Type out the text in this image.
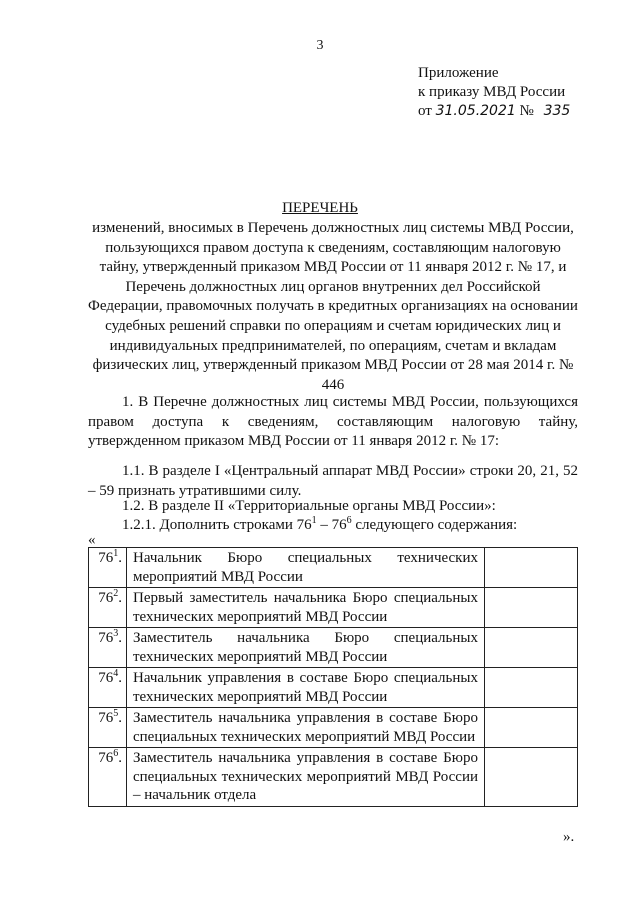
3
Приложение
к приказу МВД России
от 31.05.2021 № 335
ПЕРЕЧЕНЬ
изменений, вносимых в Перечень должностных лиц системы МВД России, пользующихся правом доступа к сведениям, составляющим налоговую тайну, утвержденный приказом МВД России от 11 января 2012 г. № 17, и Перечень должностных лиц органов внутренних дел Российской Федерации, правомочных получать в кредитных организациях на основании судебных решений справки по операциям и счетам юридических лиц и индивидуальных предпринимателей, по операциям, счетам и вкладам физических лиц, утвержденный приказом МВД России от 28 мая 2014 г. № 446
1. В Перечне должностных лиц системы МВД России, пользующихся правом доступа к сведениям, составляющим налоговую тайну, утвержденном приказом МВД России от 11 января 2012 г. № 17:
1.1. В разделе I «Центральный аппарат МВД России» строки 20, 21, 52 – 59 признать утратившими силу.
1.2. В разделе II «Территориальные органы МВД России»:
1.2.1. Дополнить строками $76^1 - 76^6$ следующего содержания:
«
$76^1$.	Начальник Бюро специальных технических мероприятий МВД России	
$76^2$.	Первый заместитель начальника Бюро специальных технических мероприятий МВД России	
$76^3$.	Заместитель начальника Бюро специальных технических мероприятий МВД России	
$76^4$.	Начальник управления в составе Бюро специальных технических мероприятий МВД России	
$76^5$.	Заместитель начальника управления в составе Бюро специальных технических мероприятий МВД России	
$76^6$.	Заместитель начальника управления в составе Бюро специальных технических мероприятий МВД России – начальник отдела	
».
